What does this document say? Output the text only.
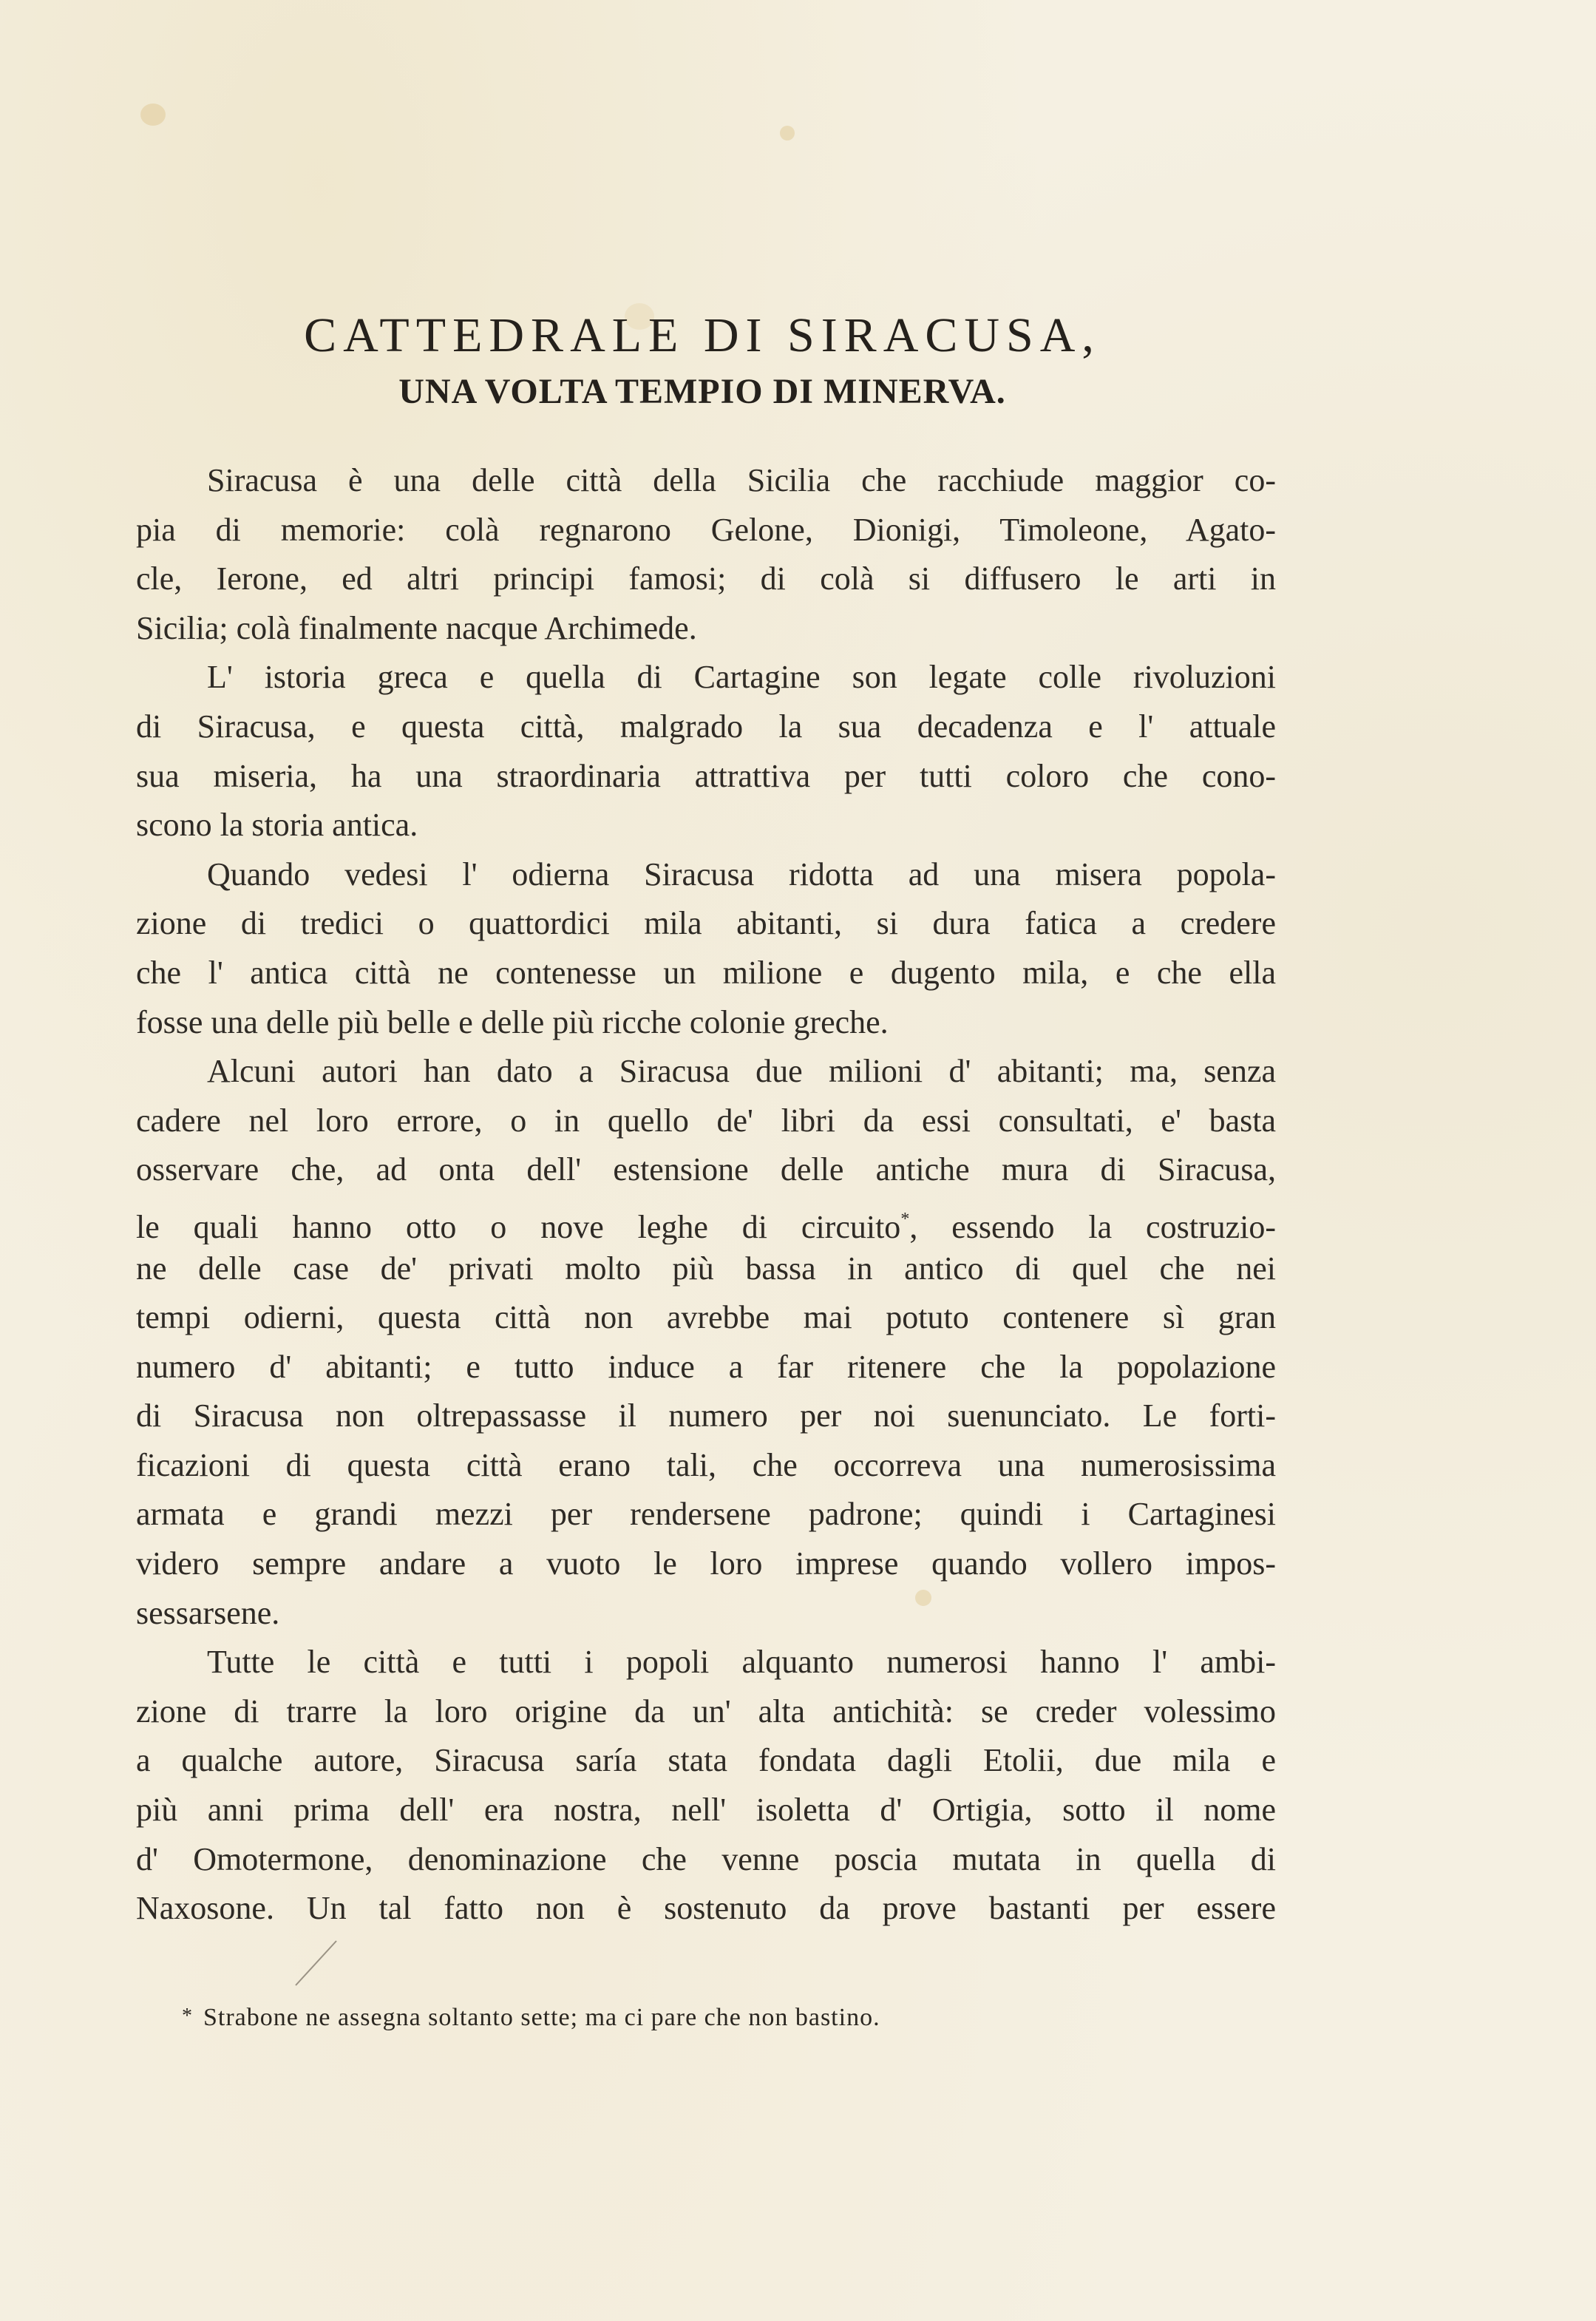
CATTEDRALE DI SIRACUSA,
UNA VOLTA TEMPIO DI MINERVA.
Siracusa è una delle città della Sicilia che racchiude maggior co-
pia di memorie: colà regnarono Gelone, Dionigi, Timoleone, Agato-
cle, Ierone, ed altri principi famosi; di colà si diffusero le arti in
Sicilia; colà finalmente nacque Archimede.
L' istoria greca e quella di Cartagine son legate colle rivoluzioni
di Siracusa, e questa città, malgrado la sua decadenza e l' attuale
sua miseria, ha una straordinaria attrattiva per tutti coloro che cono-
scono la storia antica.
Quando vedesi l' odierna Siracusa ridotta ad una misera popola-
zione di tredici o quattordici mila abitanti, si dura fatica a credere
che l' antica città ne contenesse un milione e dugento mila, e che ella
fosse una delle più belle e delle più ricche colonie greche.
Alcuni autori han dato a Siracusa due milioni d' abitanti; ma, senza
cadere nel loro errore, o in quello de' libri da essi consultati, e' basta
osservare che, ad onta dell' estensione delle antiche mura di Siracusa,
le quali hanno otto o nove leghe di circuito*, essendo la costruzio-
ne delle case de' privati molto più bassa in antico di quel che nei
tempi odierni, questa città non avrebbe mai potuto contenere sì gran
numero d' abitanti; e tutto induce a far ritenere che la popolazione
di Siracusa non oltrepassasse il numero per noi suenunciato. Le forti-
ficazioni di questa città erano tali, che occorreva una numerosissima
armata e grandi mezzi per rendersene padrone; quindi i Cartaginesi
videro sempre andare a vuoto le loro imprese quando vollero impos-
sessarsene.
Tutte le città e tutti i popoli alquanto numerosi hanno l' ambi-
zione di trarre la loro origine da un' alta antichità: se creder volessimo
a qualche autore, Siracusa saría stata fondata dagli Etolii, due mila e
più anni prima dell' era nostra, nell' isoletta d' Ortigia, sotto il nome
d' Omotermone, denominazione che venne poscia mutata in quella di
Naxosone. Un tal fatto non è sostenuto da prove bastanti per essere
* Strabone ne assegna soltanto sette; ma ci pare che non bastino.
